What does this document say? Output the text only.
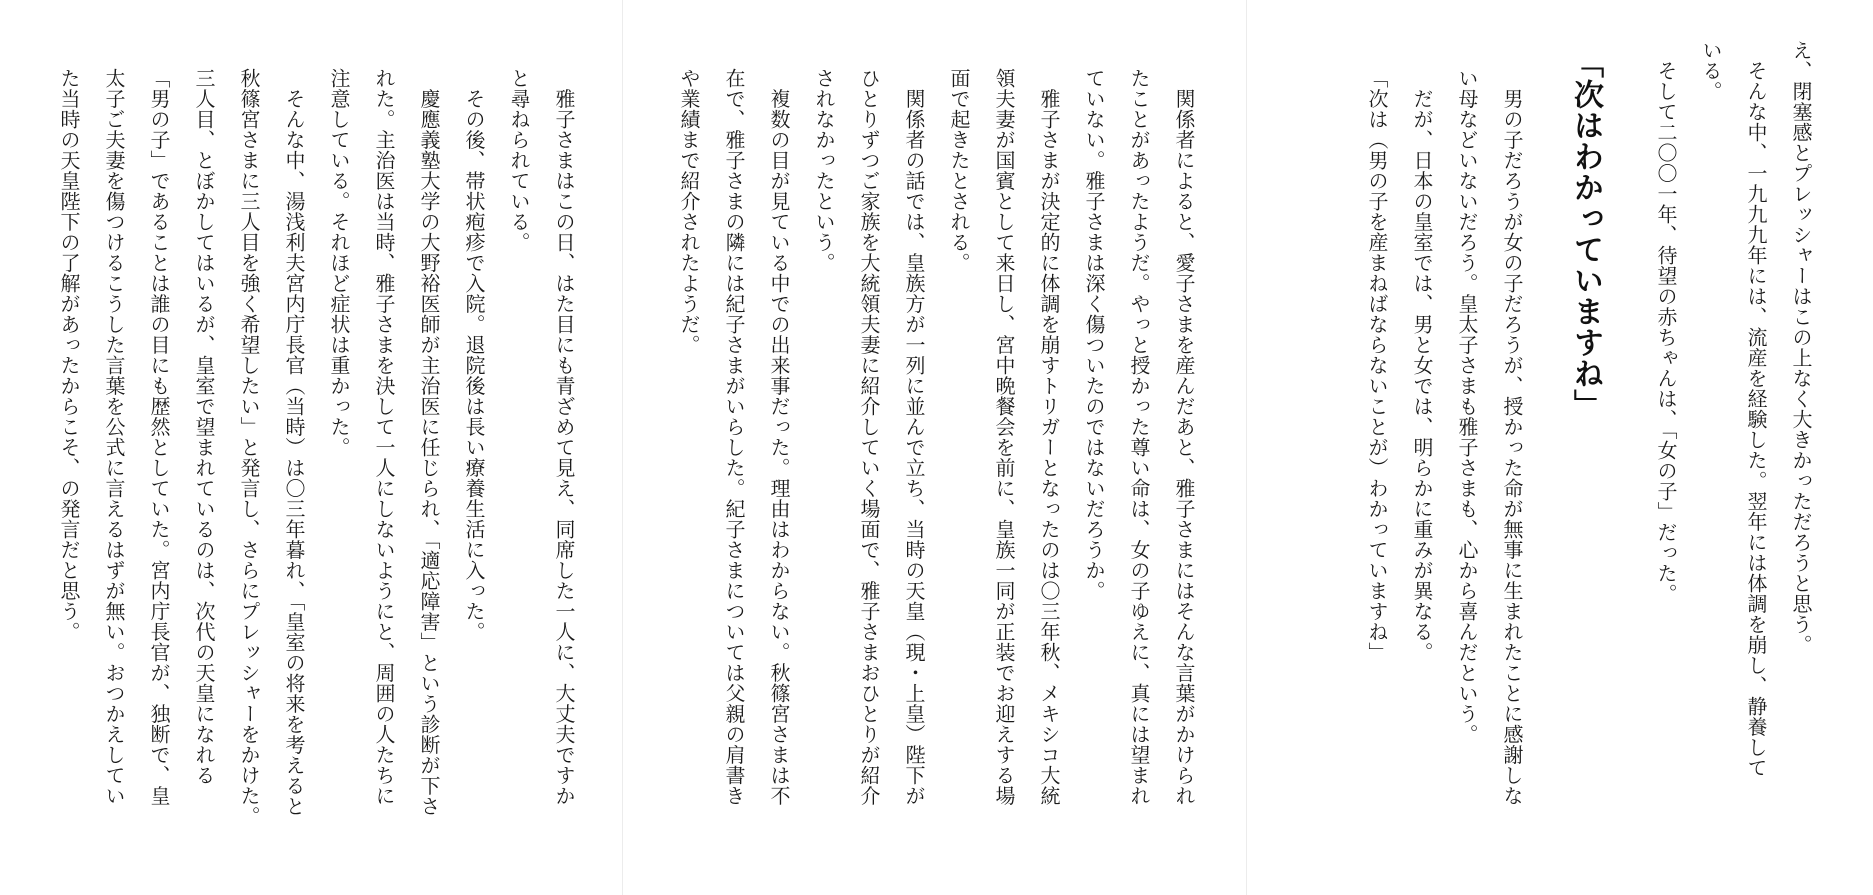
え、閉塞感とプレッシャーはこの上なく大きかっただろうと思う。

　そんな中、一九九九年には、流産を経験した。翌年には体調を崩し、静養して

いる。

　そして二〇〇一年、待望の赤ちゃんは、「女の子」だった。

「次はわかっていますね」

　男の子だろうが女の子だろうが、授かった命が無事に生まれたことに感謝しな

い母などいないだろう。皇太子さまも雅子さまも、心から喜んだという。

　だが、日本の皇室では、男と女では、明らかに重みが異なる。

「次は（男の子を産まねばならないことが）わかっていますね」

　関係者によると、愛子さまを産んだあと、雅子さまにはそんな言葉がかけられ

たことがあったようだ。やっと授かった尊い命は、女の子ゆえに、真には望まれ

ていない。雅子さまは深く傷ついたのではないだろうか。

　雅子さまが決定的に体調を崩すトリガーとなったのは〇三年秋、メキシコ大統

領夫妻が国賓として来日し、宮中晩餐会を前に、皇族一同が正装でお迎えする場

面で起きたとされる。

　関係者の話では、皇族方が一列に並んで立ち、当時の天皇（現・上皇）陛下が

ひとりずつご家族を大統領夫妻に紹介していく場面で、雅子さまおひとりが紹介

されなかったという。

　複数の目が見ている中での出来事だった。理由はわからない。秋篠宮さまは不

在で、雅子さまの隣には紀子さまがいらした。紀子さまについては父親の肩書き

や業績まで紹介されたようだ。

　雅子さまはこの日、はた目にも青ざめて見え、同席した一人に、大丈夫ですか

と尋ねられている。

　その後、帯状疱疹で入院。退院後は長い療養生活に入った。

　慶應義塾大学の大野裕医師が主治医に任じられ、「適応障害」という診断が下さ

れた。主治医は当時、雅子さまを決して一人にしないようにと、周囲の人たちに

注意している。それほど症状は重かった。

　そんな中、湯浅利夫宮内庁長官（当時）は〇三年暮れ、「皇室の将来を考えると

秋篠宮さまに三人目を強く希望したい」と発言し、さらにプレッシャーをかけた。

三人目、とぼかしてはいるが、皇室で望まれているのは、次代の天皇になれる

「男の子」であることは誰の目にも歴然としていた。宮内庁長官が、独断で、皇

太子ご夫妻を傷つけるこうした言葉を公式に言えるはずが無い。おつかえしてい

た当時の天皇陛下の了解があったからこそ、の発言だと思う。
